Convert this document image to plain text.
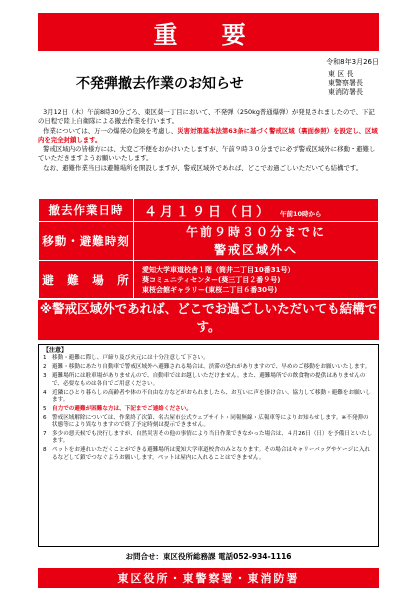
重 要
令和8年3月26日
不発弾撤去作業のお知らせ
東 区 長
東警察署長
東消防署長

3月12日（木）午前8時30分ごろ、東区葵一丁目において、不発弾（250kg普通爆弾）が発見されましたので、下記の日程で陸上自衛隊による撤去作業を行います。

作業については、万一の爆発の危険を考慮し、災害対策基本法第63条に基づく警戒区域（裏面参照）を設定し、区域内を完全封鎖します。

警戒区域内の皆様方には、大変ご不便をおかけいたしますが、午前９時３０分までに必ず警戒区域外に移動・避難していただきますようお願いいたします。

なお、避難作業当日は避難場所を開設しますが、警戒区域外であれば、どこでお過ごしいただいても結構です。

撤去作業日時	４月１９日（日） 午前10時から
移動・避難時刻	午前９時３０分までに
警戒区域外へ

避　難　場　所	愛知大学車道校舎１階（筒井二丁目10番31号）
葵コミュニティセンター(葵三丁目２番９号)
東桜会館ギャラリー(東桜二丁目６番30号)
※警戒区域外であれば、どこでお過ごしいただいても結構です。
【注意】
1 移動・避難に際し、戸締り及び火元には十分注意して下さい。
2 避難・移動にあたり自動車で警戒区域外へ避難される場合は、渋滞の恐れがありますので、早めのご移動をお願いいたします。
3 避難場所には駐車場がありませんので、自動車ではお越しいただけません。また、避難場所での飲食物の提供はありませんので、必要なものは各自でご用意ください。
4 近隣にひとり暮らしの高齢者や体の不自由な方などがおられましたら、お互いに声を掛け合い、協力して移動・避難をお願いします。
5 自力での避難が困難な方は、下記までご連絡ください。
6 警戒区域解除については、作業終了次第、名古屋市公式ウェブサイト・同報無線・広報車等によりお知らせします。※不発弾の状態等により異なりますので終了予定時刻は提示できません。
7 多少の悪天候でも決行しますが、自然災害その他の事情により当日作業できなかった場合は、４月26日（日）を予備日といたします。
8 ペットをお連れいただくことができる避難場所は愛知大学車道校舎のみとなります。その場合はキャリーバッグやケージに入れるなどして鎖でつなぐようお願いします。ペットは屋内に入れることはできません。
お問合せ：東区役所総務課 電話052-934-1116
東区役所・東警察署・東消防署
